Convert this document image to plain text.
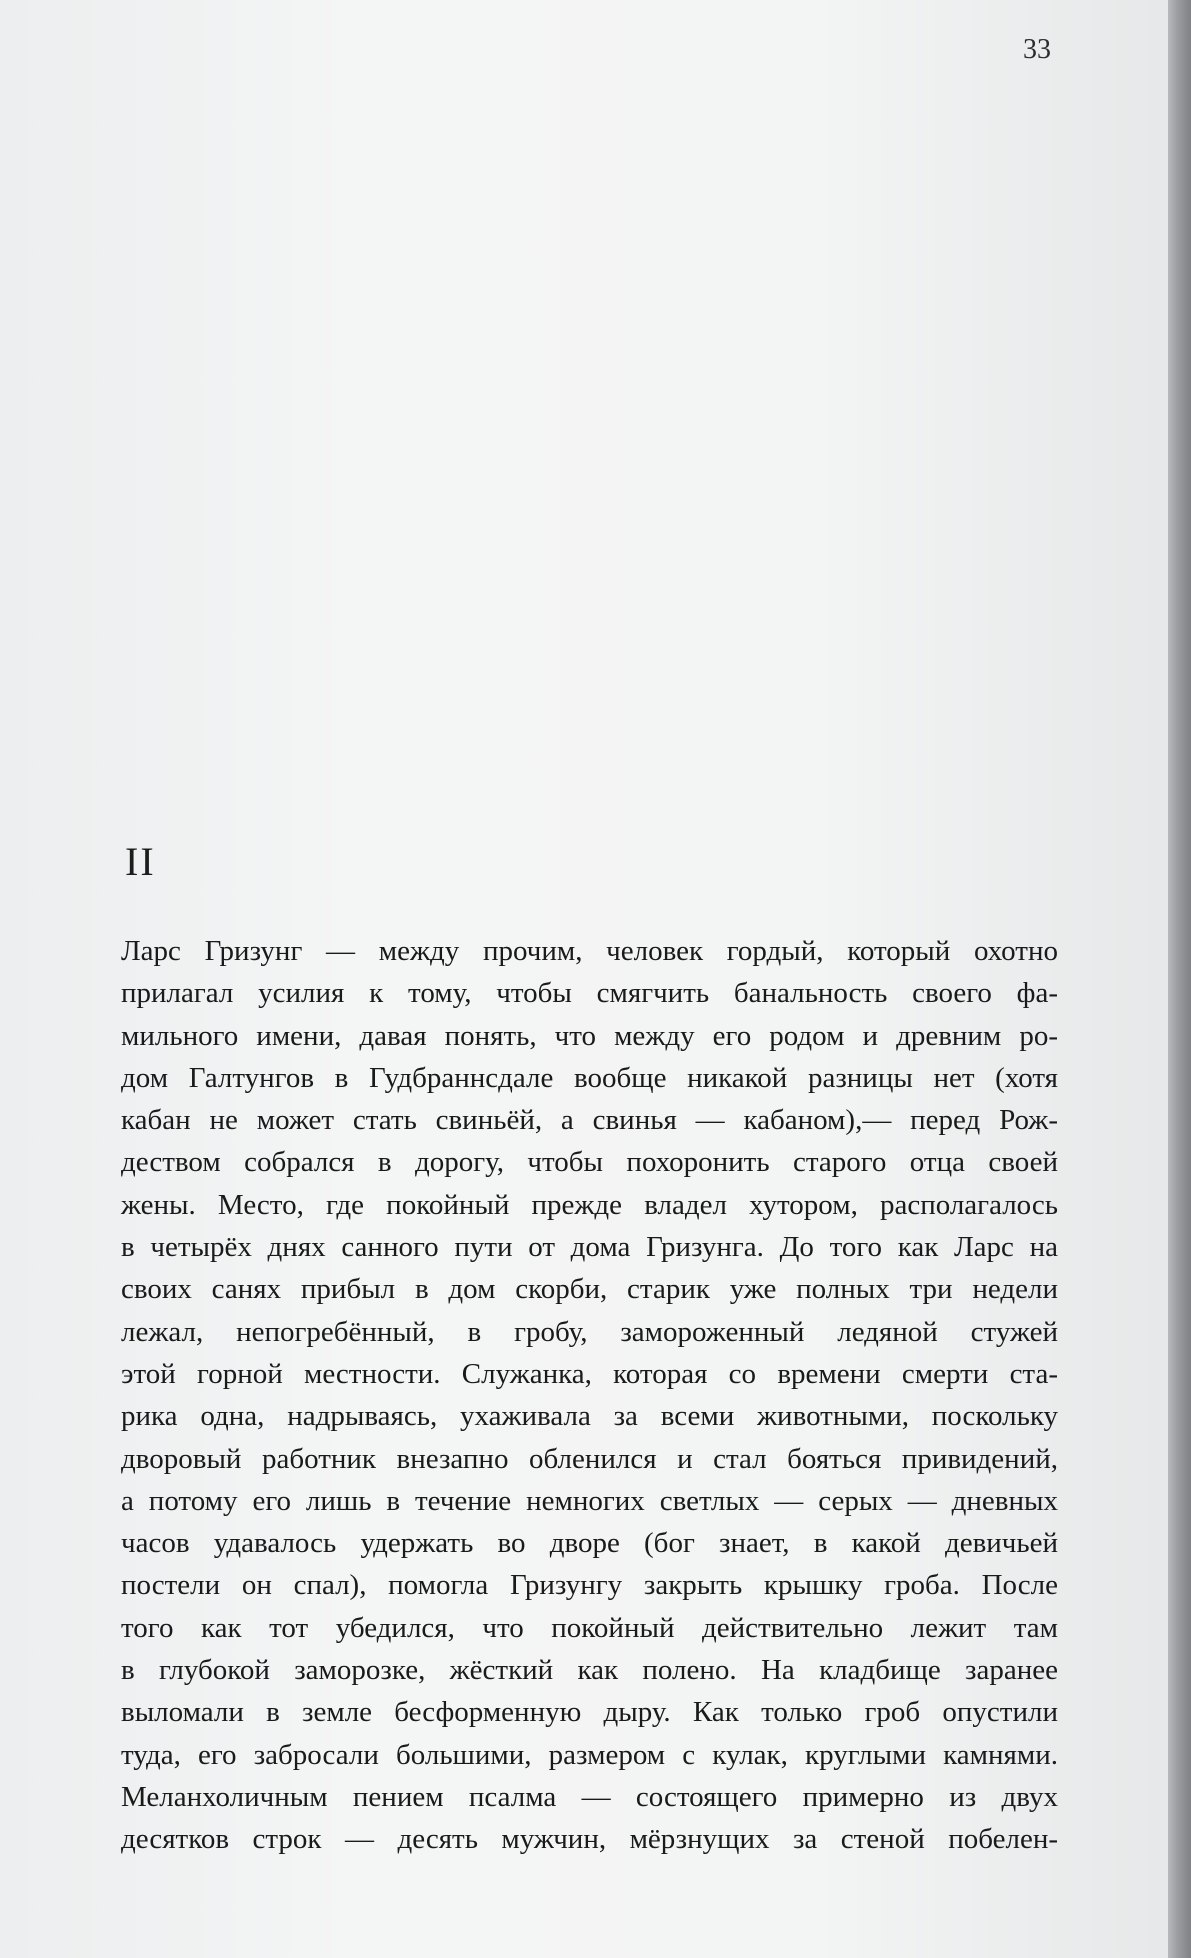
33

II

Ларс Гризунг — между прочим, человек гордый, который охотно
прилагал усилия к тому, чтобы смягчить банальность своего фа-
мильного имени, давая понять, что между его родом и древним ро-
дом Галтунгов в Гудбраннсдале вообще никакой разницы нет (хотя
кабан не может стать свиньёй, а свинья — кабаном),— перед Рож-
деством собрался в дорогу, чтобы похоронить старого отца своей
жены. Место, где покойный прежде владел хутором, располагалось
в четырёх днях санного пути от дома Гризунга. До того как Ларс на
своих санях прибыл в дом скорби, старик уже полных три недели
лежал, непогребённый, в гробу, замороженный ледяной стужей
этой горной местности. Служанка, которая со времени смерти ста-
рика одна, надрываясь, ухаживала за всеми животными, поскольку
дворовый работник внезапно обленился и стал бояться привидений,
а потому его лишь в течение немногих светлых — серых — дневных
часов удавалось удержать во дворе (бог знает, в какой девичьей
постели он спал), помогла Гризунгу закрыть крышку гроба. После
того как тот убедился, что покойный действительно лежит там
в глубокой заморозке, жёсткий как полено. На кладбище заранее
выломали в земле бесформенную дыру. Как только гроб опустили
туда, его забросали большими, размером с кулак, круглыми камнями.
Меланхоличным пением псалма — состоящего примерно из двух
десятков строк — десять мужчин, мёрзнущих за стеной побелен-
